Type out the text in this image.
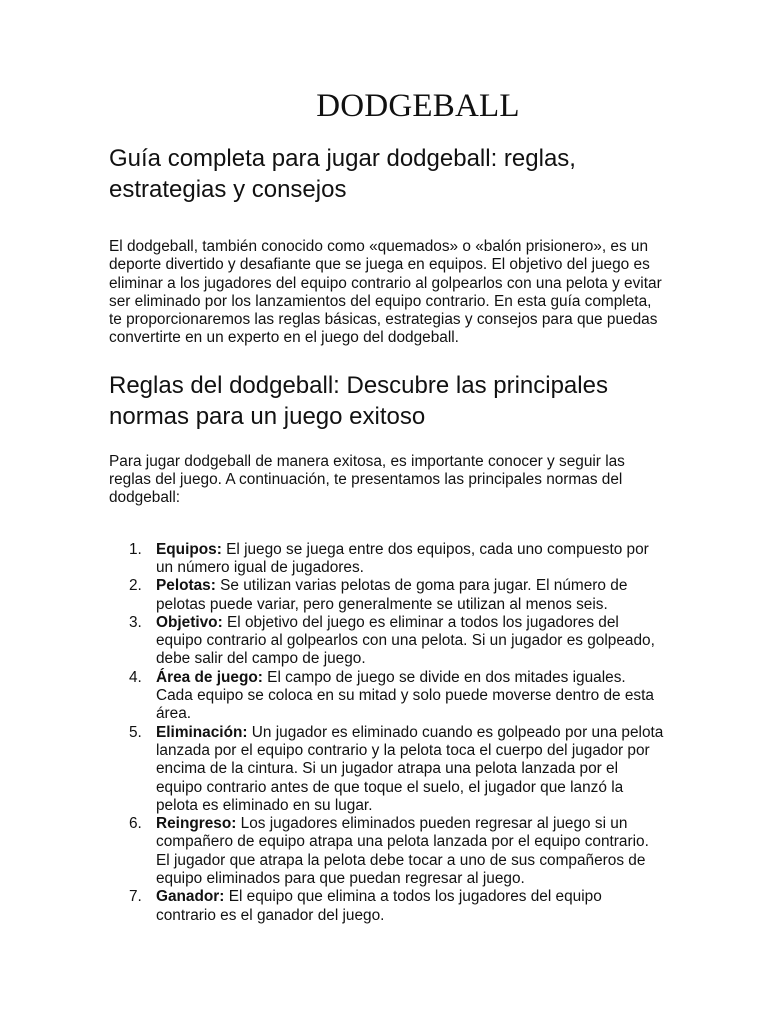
DODGEBALL
Guía completa para jugar dodgeball: reglas, estrategias y consejos

El dodgeball, también conocido como «quemados» o «balón prisionero», es un deporte divertido y desafiante que se juega en equipos. El objetivo del juego es eliminar a los jugadores del equipo contrario al golpearlos con una pelota y evitar ser eliminado por los lanzamientos del equipo contrario. En esta guía completa, te proporcionaremos las reglas básicas, estrategias y consejos para que puedas convertirte en un experto en el juego del dodgeball.

Reglas del dodgeball: Descubre las principales normas para un juego exitoso

Para jugar dodgeball de manera exitosa, es importante conocer y seguir las reglas del juego. A continuación, te presentamos las principales normas del dodgeball:

1. Equipos: El juego se juega entre dos equipos, cada uno compuesto por un número igual de jugadores.
2. Pelotas: Se utilizan varias pelotas de goma para jugar. El número de pelotas puede variar, pero generalmente se utilizan al menos seis.
3. Objetivo: El objetivo del juego es eliminar a todos los jugadores del equipo contrario al golpearlos con una pelota. Si un jugador es golpeado, debe salir del campo de juego.
4. Área de juego: El campo de juego se divide en dos mitades iguales. Cada equipo se coloca en su mitad y solo puede moverse dentro de esta área.
5. Eliminación: Un jugador es eliminado cuando es golpeado por una pelota lanzada por el equipo contrario y la pelota toca el cuerpo del jugador por encima de la cintura. Si un jugador atrapa una pelota lanzada por el equipo contrario antes de que toque el suelo, el jugador que lanzó la pelota es eliminado en su lugar.
6. Reingreso: Los jugadores eliminados pueden regresar al juego si un compañero de equipo atrapa una pelota lanzada por el equipo contrario. El jugador que atrapa la pelota debe tocar a uno de sus compañeros de equipo eliminados para que puedan regresar al juego.
7. Ganador: El equipo que elimina a todos los jugadores del equipo contrario es el ganador del juego.
